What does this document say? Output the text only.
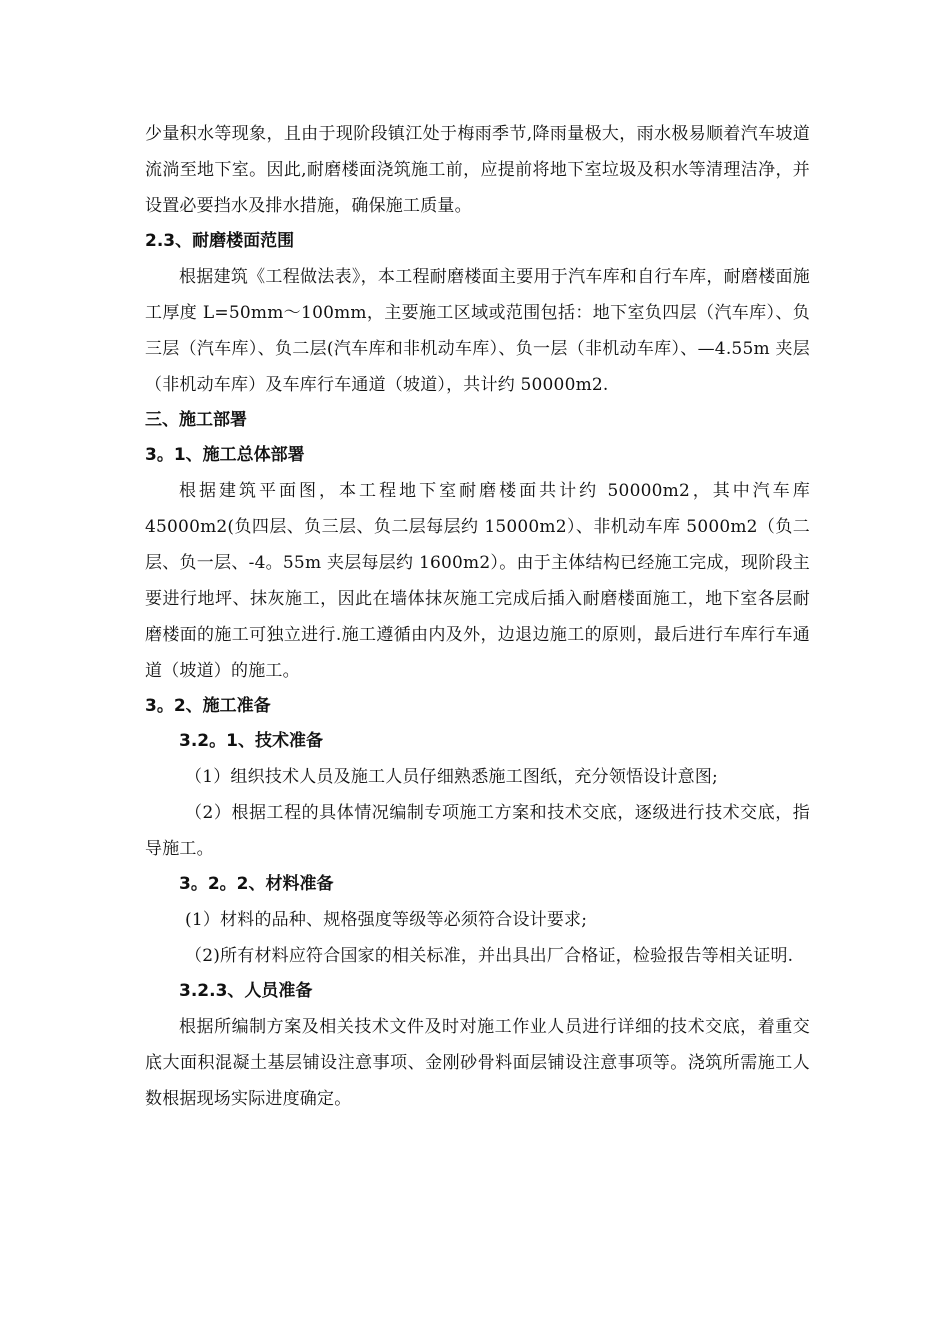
少量积水等现象，且由于现阶段镇江处于梅雨季节,降雨量极大，雨水极易顺着汽车坡道流淌至地下室。因此,耐磨楼面浇筑施工前，应提前将地下室垃圾及积水等清理洁净，并设置必要挡水及排水措施，确保施工质量。

2.3、耐磨楼面范围

根据建筑《工程做法表》，本工程耐磨楼面主要用于汽车库和自行车库，耐磨楼面施工厚度 L=50mm～100mm，主要施工区域或范围包括：地下室负四层（汽车库）、负三层（汽车库）、负二层(汽车库和非机动车库）、负一层（非机动车库）、—4.55m 夹层（非机动车库）及车库行车通道（坡道），共计约 50000m2.

三、施工部署

3。1、施工总体部署

根据建筑平面图，本工程地下室耐磨楼面共计约 50000m2，其中汽车库 45000m2(负四层、负三层、负二层每层约 15000m2）、非机动车库 5000m2（负二层、负一层、-4。55m 夹层每层约 1600m2）。由于主体结构已经施工完成，现阶段主要进行地坪、抹灰施工，因此在墙体抹灰施工完成后插入耐磨楼面施工，地下室各层耐磨楼面的施工可独立进行.施工遵循由内及外，边退边施工的原则，最后进行车库行车通道（坡道）的施工。

3。2、施工准备

3.2。1、技术准备

（1）组织技术人员及施工人员仔细熟悉施工图纸，充分领悟设计意图;

（2）根据工程的具体情况编制专项施工方案和技术交底，逐级进行技术交底，指导施工。

3。2。2、材料准备

(1）材料的品种、规格强度等级等必须符合设计要求;

（2)所有材料应符合国家的相关标准，并出具出厂合格证，检验报告等相关证明.

3.2.3、人员准备

根据所编制方案及相关技术文件及时对施工作业人员进行详细的技术交底，着重交底大面积混凝土基层铺设注意事项、金刚砂骨料面层铺设注意事项等。浇筑所需施工人数根据现场实际进度确定。
